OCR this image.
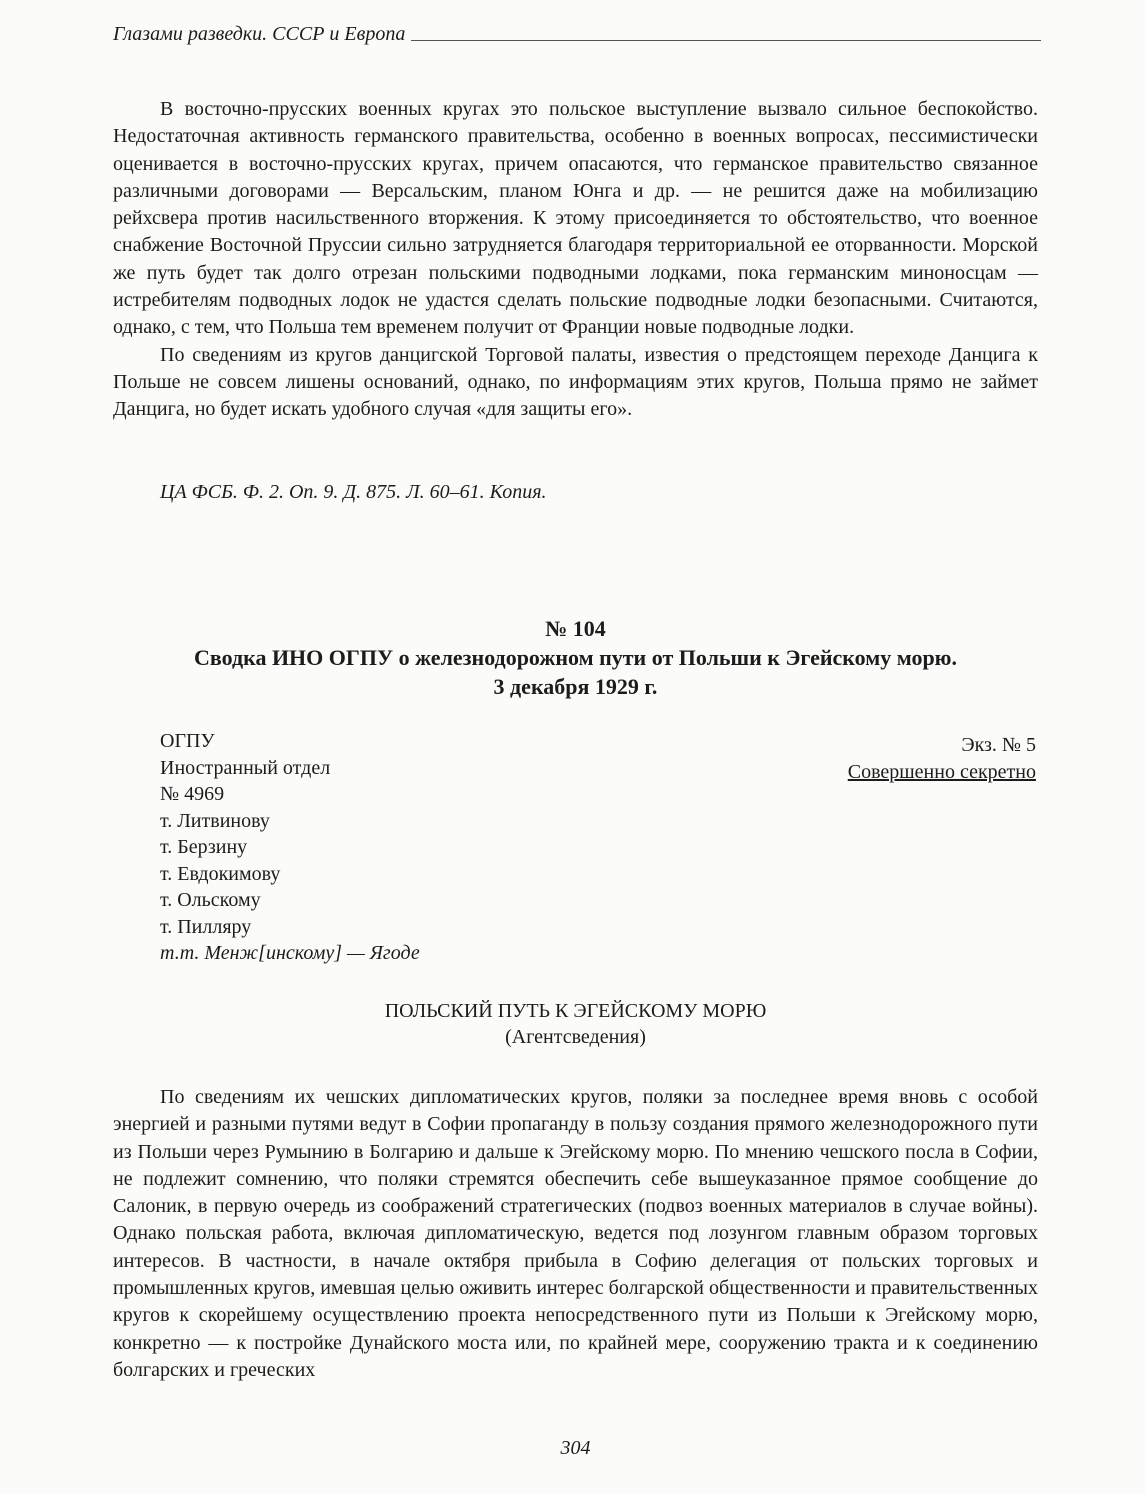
Глазами разведки. СССР и Европа

В восточно-прусских военных кругах это польское выступление вызвало сильное беспокойство. Недостаточная активность германского правительства, особенно в военных вопросах, пессимистически оценивается в восточно-прусских кругах, причем опасаются, что германское правительство связанное различными договорами — Версальским, планом Юнга и др. — не решится даже на мобилизацию рейхсвера против насильственного вторжения. К этому присоединяется то обстоятельство, что военное снабжение Восточной Пруссии сильно затрудняется благодаря территориальной ее оторванности. Морской же путь будет так долго отрезан польскими подводными лодками, пока германским миноносцам — истребителям подводных лодок не удастся сделать польские подводные лодки безопасными. Считаются, однако, с тем, что Польша тем временем получит от Франции новые подводные лодки.

По сведениям из кругов данцигской Торговой палаты, известия о предстоящем переходе Данцига к Польше не совсем лишены оснований, однако, по информациям этих кругов, Польша прямо не займет Данцига, но будет искать удобного случая «для защиты его».

ЦА ФСБ. Ф. 2. Оп. 9. Д. 875. Л. 60–61. Копия.
№ 104
Сводка ИНО ОГПУ о железнодорожном пути от Польши к Эгейскому морю.
3 декабря 1929 г.
ОГПУ
Иностранный отдел
№ 4969
т. Литвинову
т. Берзину
т. Евдокимову
т. Ольскому
т. Пилляру
т.т. Менж[инскому] — Ягоде
Экз. № 5
Совершенно секретно
ПОЛЬСКИЙ ПУТЬ К ЭГЕЙСКОМУ МОРЮ
(Агентсведения)

По сведениям их чешских дипломатических кругов, поляки за последнее время вновь с особой энергией и разными путями ведут в Софии пропаганду в пользу создания прямого железнодорожного пути из Польши через Румынию в Болгарию и дальше к Эгейскому морю. По мнению чешского посла в Софии, не подлежит сомнению, что поляки стремятся обеспечить себе вышеуказанное прямое сообщение до Салоник, в первую очередь из соображений стратегических (подвоз военных материалов в случае войны). Однако польская работа, включая дипломатическую, ведется под лозунгом главным образом торговых интересов. В частности, в начале октября прибыла в Софию делегация от польских торговых и промышленных кругов, имевшая целью оживить интерес болгарской общественности и правительственных кругов к скорейшему осуществлению проекта непосредственного пути из Польши к Эгейскому морю, конкретно — к постройке Дунайского моста или, по крайней мере, сооружению тракта и к соединению болгарских и греческих

304
